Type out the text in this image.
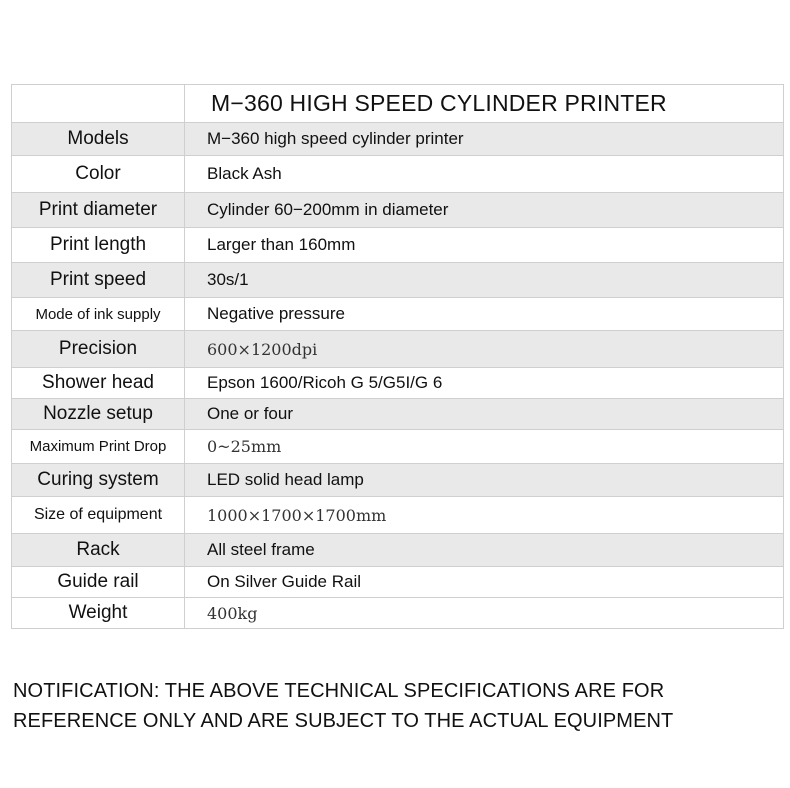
	M−360 HIGH SPEED CYLINDER PRINTER
Models	M−360 high speed cylinder printer
Color	Black Ash
Print diameter	Cylinder 60−200mm in diameter
Print length	Larger than 160mm
Print speed	30s/1
Mode of ink supply	Negative pressure
Precision	600×1200dpi
Shower head	Epson 1600/Ricoh G 5/G5I/G 6
Nozzle setup	One or four
Maximum Print Drop	0~25mm
Curing system	LED solid head lamp
Size of equipment	1000×1700×1700mm
Rack	All steel frame
Guide rail	On Silver Guide Rail
Weight	400kg
NOTIFICATION: THE ABOVE TECHNICAL SPECIFICATIONS ARE FOR
REFERENCE ONLY AND ARE SUBJECT TO THE ACTUAL EQUIPMENT
